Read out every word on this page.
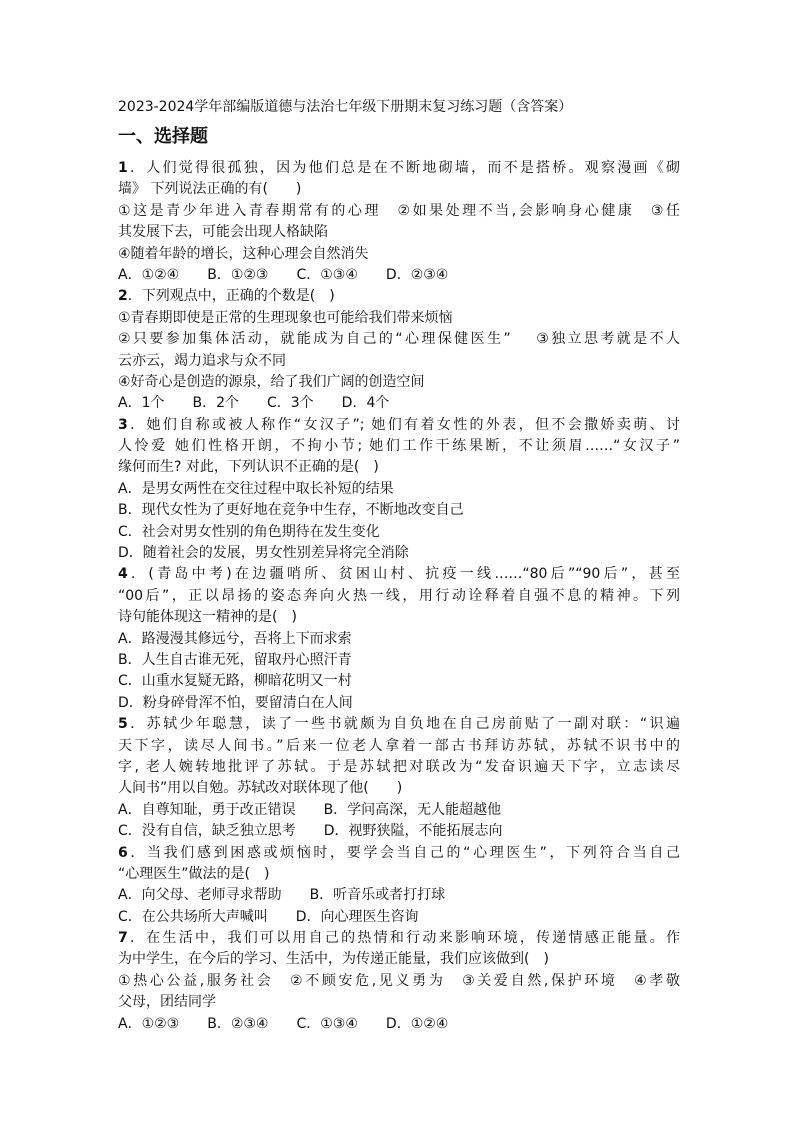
2023-2024学年部编版道德与法治七年级下册期末复习练习题（含答案）
一、选择题
1．人们觉得很孤独，因为他们总是在不断地砌墙，而不是搭桥。观察漫画《砌
墙》 下列说法正确的有(　　)
①这是青少年进入青春期常有的心理　②如果处理不当,会影响身心健康　③任
其发展下去，可能会出现人格缺陷
④随着年龄的增长，这种心理会自然消失
A．①②④　　B．①②③　　C．①③④　　D．②③④
2．下列观点中，正确的个数是(　)
①青春期即使是正常的生理现象也可能给我们带来烦恼
②只要参加集体活动，就能成为自己的“心理保健医生”　 ③独立思考就是不人
云亦云，竭力追求与众不同
④好奇心是创造的源泉，给了我们广阔的创造空间
A．1个　　B．2个　　C．3个　　D．4个
3．她们自称或被人称作“女汉子”; 她们有着女性的外表，但不会撒娇卖萌、讨
人怜爱 她们性格开朗，不拘小节; 她们工作干练果断，不让须眉……“女汉子”
缘何而生? 对此，下列认识不正确的是(　)
A．是男女两性在交往过程中取长补短的结果
B．现代女性为了更好地在竞争中生存，不断地改变自己
C．社会对男女性别的角色期待在发生变化
D．随着社会的发展，男女性别差异将完全消除
4．(青岛中考)在边疆哨所、贫困山村、抗疫一线……“80后”“90后”，甚至
“00后”，正以昂扬的姿态奔向火热一线，用行动诠释着自强不息的精神。下列
诗句能体现这一精神的是(　)
A．路漫漫其修远兮，吾将上下而求索
B．人生自古谁无死，留取丹心照汗青
C．山重水复疑无路，柳暗花明又一村
D．粉身碎骨浑不怕，要留清白在人间
5．苏轼少年聪慧，读了一些书就颇为自负地在自己房前贴了一副对联：“识遍
天下字，读尽人间书。”后来一位老人拿着一部古书拜访苏轼，苏轼不识书中的
字, 老人婉转地批评了苏轼。于是苏轼把对联改为“发奋识遍天下字，立志读尽
人间书”用以自勉。苏轼改对联体现了他(　　)
A．自尊知耻，勇于改正错误　　B．学问高深，无人能超越他
C．没有自信，缺乏独立思考　　D．视野狭隘，不能拓展志向
6．当我们感到困惑或烦恼时，要学会当自己的“心理医生”，下列符合当自己
“心理医生”做法的是(　)
A．向父母、老师寻求帮助　　B．听音乐或者打打球
C．在公共场所大声喊叫　　D．向心理医生咨询
7．在生活中，我们可以用自己的热情和行动来影响环境，传递情感正能量。作
为中学生，在今后的学习、生活中，为传递正能量，我们应该做到(　)
①热心公益,服务社会　②不顾安危,见义勇为　③关爱自然,保护环境　④孝敬
父母，团结同学
A．①②③　　B．②③④　　C．①③④　　D．①②④
